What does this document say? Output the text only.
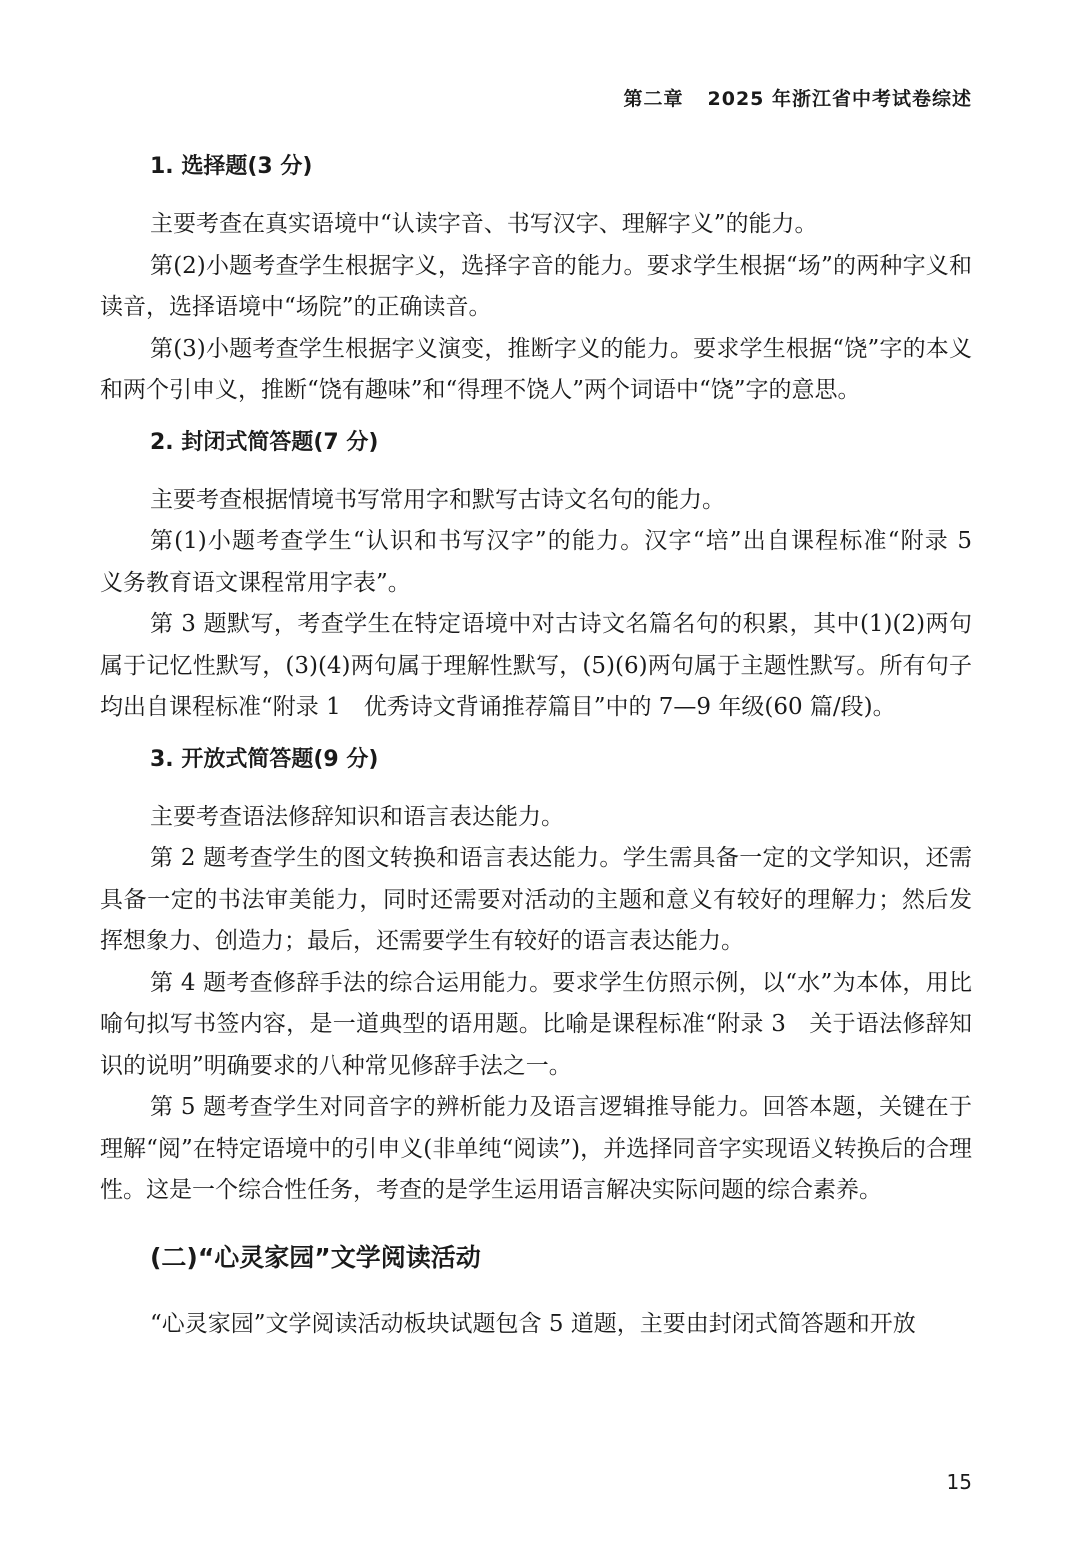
第二章 2025 年浙江省中考试卷综述
1. 选择题(3 分)

主要考查在真实语境中“认读字音、书写汉字、理解字义”的能力。

第(2)小题考查学生根据字义，选择字音的能力。要求学生根据“场”的两种字义和读音，选择语境中“场院”的正确读音。

第(3)小题考查学生根据字义演变，推断字义的能力。要求学生根据“饶”字的本义和两个引申义，推断“饶有趣味”和“得理不饶人”两个词语中“饶”字的意思。

2. 封闭式简答题(7 分)

主要考查根据情境书写常用字和默写古诗文名句的能力。

第(1)小题考查学生“认识和书写汉字”的能力。汉字“培”出自课程标准“附录 5　义务教育语文课程常用字表”。

第 3 题默写，考查学生在特定语境中对古诗文名篇名句的积累，其中(1)(2)两句属于记忆性默写，(3)(4)两句属于理解性默写，(5)(6)两句属于主题性默写。所有句子均出自课程标准“附录 1　优秀诗文背诵推荐篇目”中的 7—9 年级(60 篇/段)。

3. 开放式简答题(9 分)

主要考查语法修辞知识和语言表达能力。

第 2 题考查学生的图文转换和语言表达能力。学生需具备一定的文学知识，还需具备一定的书法审美能力，同时还需要对活动的主题和意义有较好的理解力；然后发挥想象力、创造力；最后，还需要学生有较好的语言表达能力。

第 4 题考查修辞手法的综合运用能力。要求学生仿照示例，以“水”为本体，用比喻句拟写书签内容，是一道典型的语用题。比喻是课程标准“附录 3　关于语法修辞知识的说明”明确要求的八种常见修辞手法之一。

第 5 题考查学生对同音字的辨析能力及语言逻辑推导能力。回答本题，关键在于理解“阅”在特定语境中的引申义(非单纯“阅读”)，并选择同音字实现语义转换后的合理性。这是一个综合性任务，考查的是学生运用语言解决实际问题的综合素养。

(二)“心灵家园”文学阅读活动

“心灵家园”文学阅读活动板块试题包含 5 道题，主要由封闭式简答题和开放

15
